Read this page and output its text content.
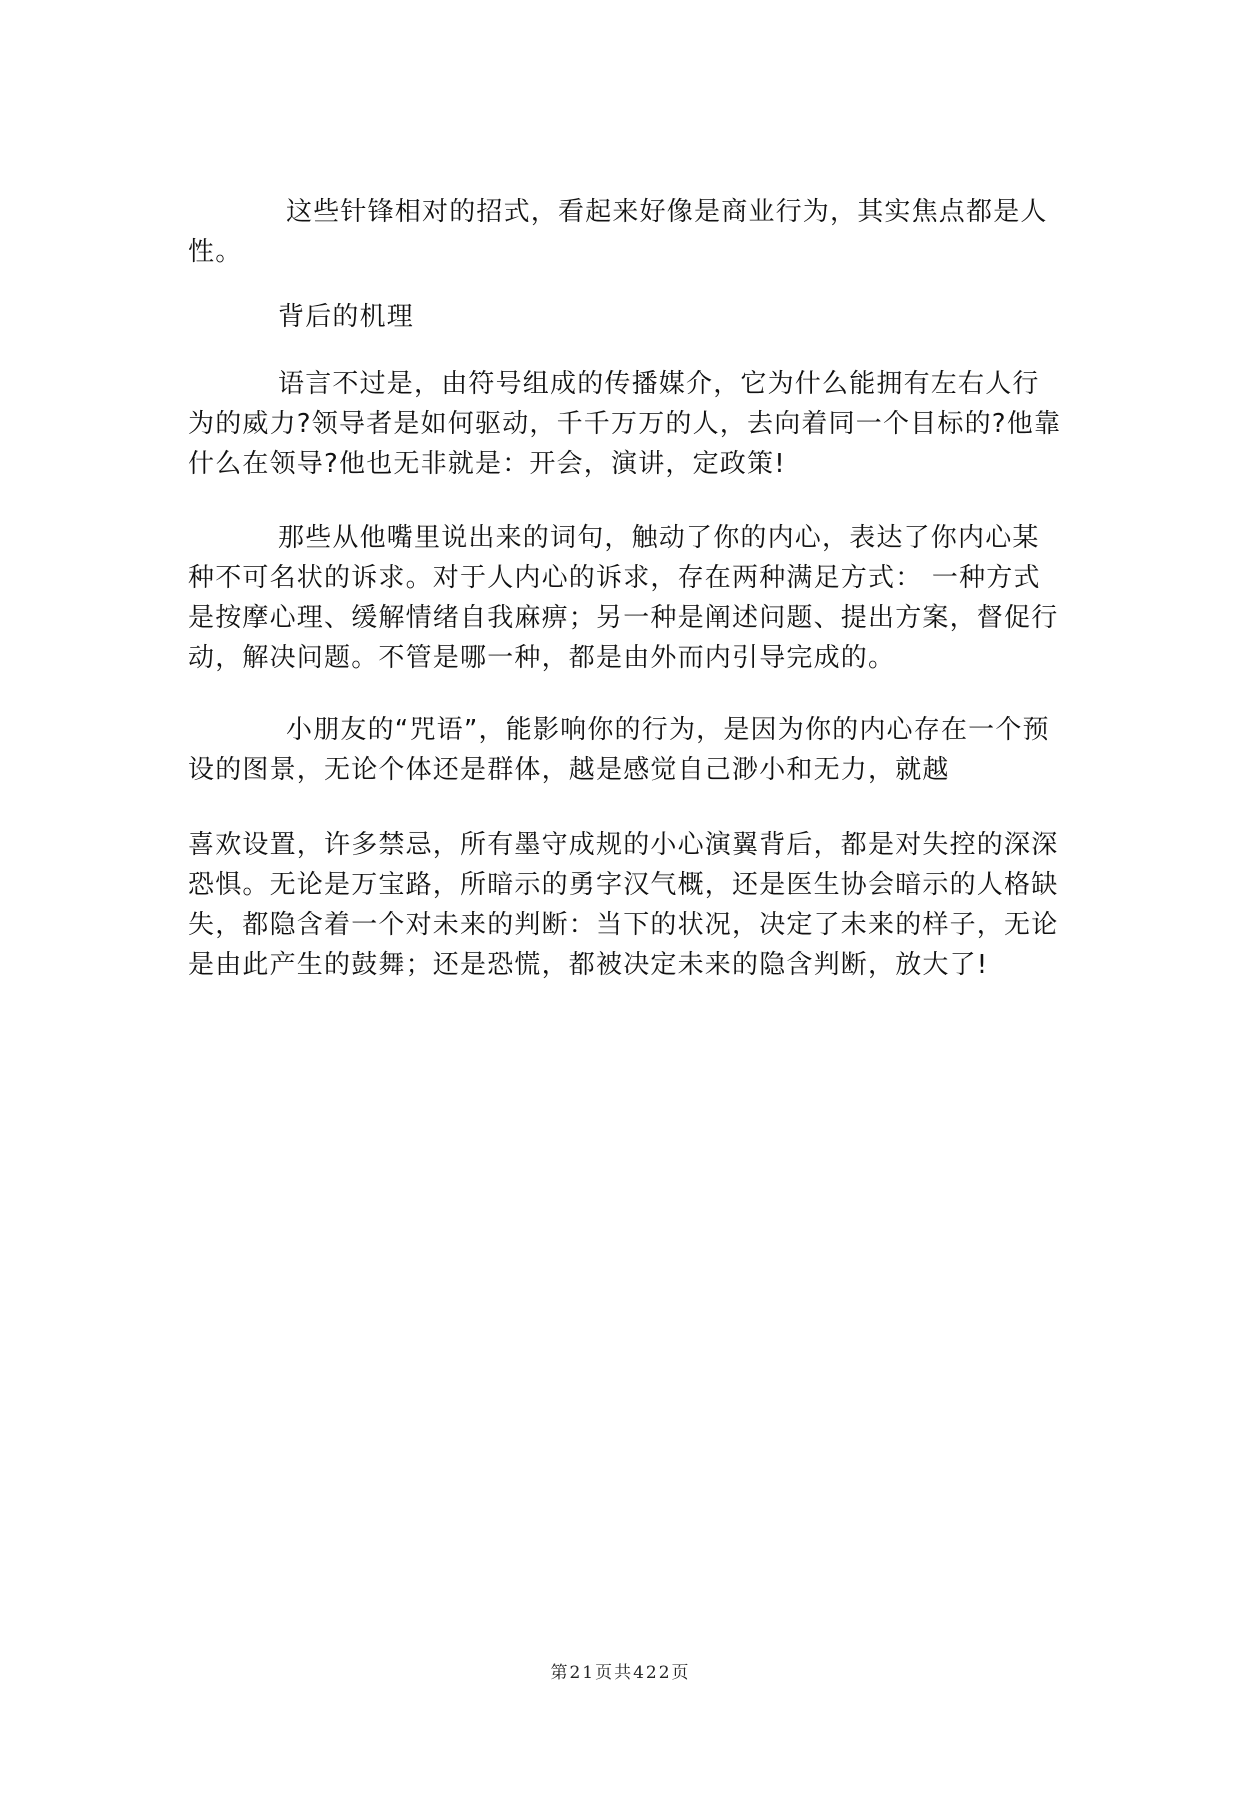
这些针锋相对的招式，看起来好像是商业行为，其实焦点都是人性。

背后的机理

语言不过是，由符号组成的传播媒介，它为什么能拥有左右人行为的威力?领导者是如何驱动，千千万万的人，去向着同一个目标的?他靠什么在领导?他也无非就是：开会，演讲，定政策!

那些从他嘴里说出来的词句，触动了你的内心，表达了你内心某种不可名状的诉求。对于人内心的诉求，存在两种满足方式： 一种方式是按摩心理、缓解情绪自我麻痹；另一种是阐述问题、提出方案，督促行动，解决问题。不管是哪一种，都是由外而内引导完成的。

小朋友的“咒语”，能影响你的行为，是因为你的内心存在一个预设的图景，无论个体还是群体，越是感觉自己渺小和无力，就越

喜欢设置，许多禁忌，所有墨守成规的小心演翼背后，都是对失控的深深恐惧。无论是万宝路，所暗示的勇字汉气概，还是医生协会暗示的人格缺失，都隐含着一个对未来的判断：当下的状况，决定了未来的样子，无论是由此产生的鼓舞；还是恐慌，都被决定未来的隐含判断，放大了!

第21页共422页
